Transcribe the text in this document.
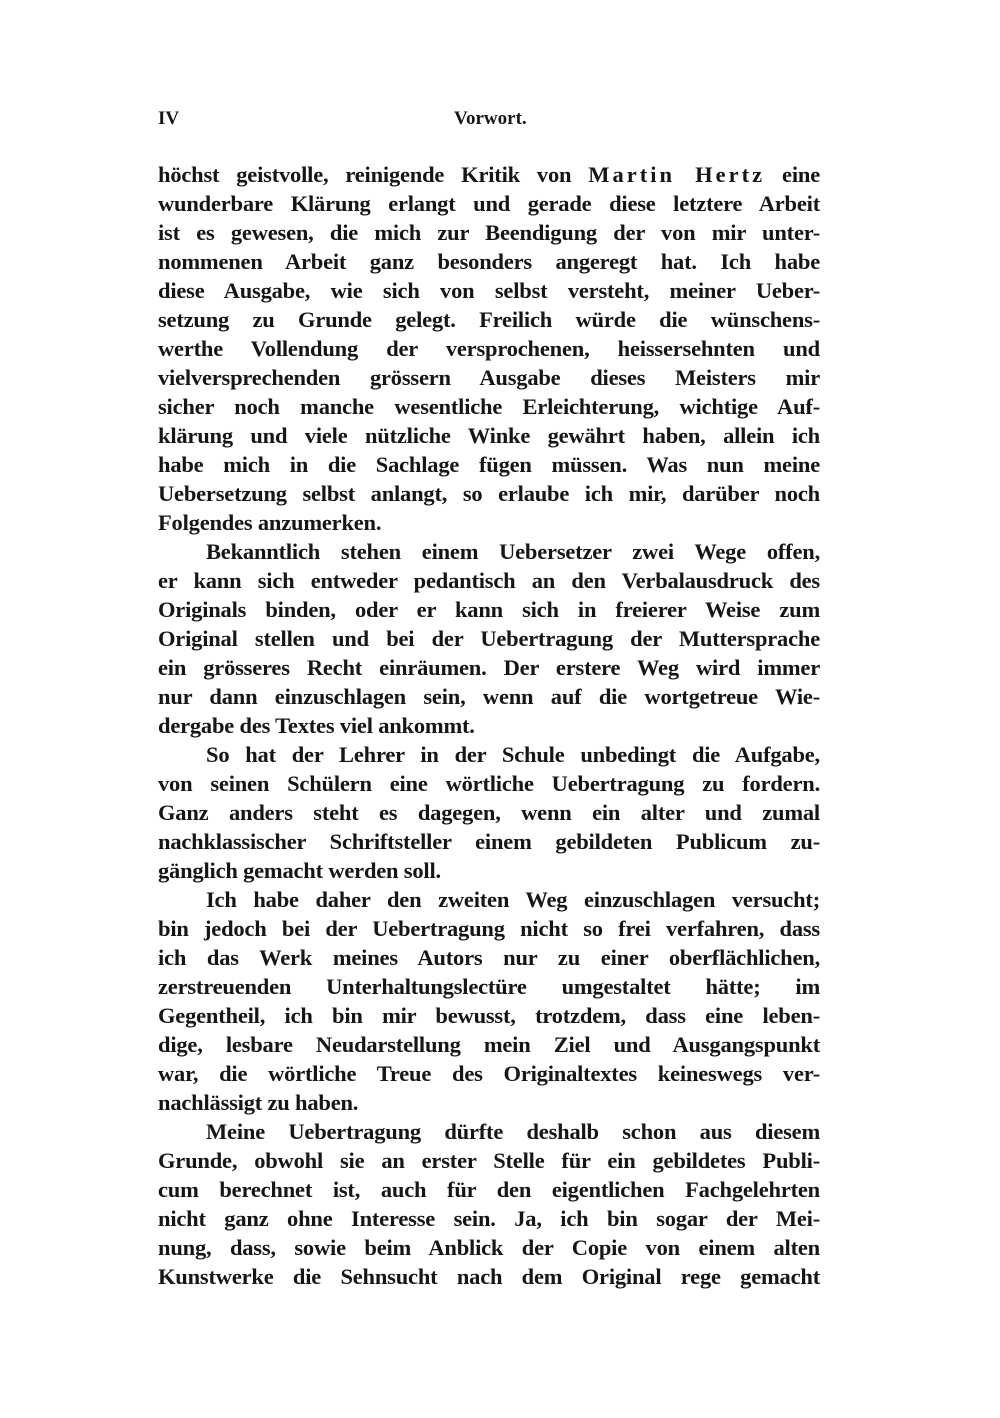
IV	Vorwort.
höchst geistvolle, reinigende Kritik von Martin Hertz eine
wunderbare Klärung erlangt und gerade diese letztere Arbeit
ist es gewesen, die mich zur Beendigung der von mir unter-
nommenen Arbeit ganz besonders angeregt hat. Ich habe
diese Ausgabe, wie sich von selbst versteht, meiner Ueber-
setzung zu Grunde gelegt. Freilich würde die wünschens-
werthe Vollendung der versprochenen, heissersehnten und
vielversprechenden grössern Ausgabe dieses Meisters mir
sicher noch manche wesentliche Erleichterung, wichtige Auf-
klärung und viele nützliche Winke gewährt haben, allein ich
habe mich in die Sachlage fügen müssen. Was nun meine
Uebersetzung selbst anlangt, so erlaube ich mir, darüber noch
Folgendes anzumerken.
Bekanntlich stehen einem Uebersetzer zwei Wege offen,
er kann sich entweder pedantisch an den Verbalausdruck des
Originals binden, oder er kann sich in freierer Weise zum
Original stellen und bei der Uebertragung der Muttersprache
ein grösseres Recht einräumen. Der erstere Weg wird immer
nur dann einzuschlagen sein, wenn auf die wortgetreue Wie-
dergabe des Textes viel ankommt.
So hat der Lehrer in der Schule unbedingt die Aufgabe,
von seinen Schülern eine wörtliche Uebertragung zu fordern.
Ganz anders steht es dagegen, wenn ein alter und zumal
nachklassischer Schriftsteller einem gebildeten Publicum zu-
gänglich gemacht werden soll.
Ich habe daher den zweiten Weg einzuschlagen versucht;
bin jedoch bei der Uebertragung nicht so frei verfahren, dass
ich das Werk meines Autors nur zu einer oberflächlichen,
zerstreuenden Unterhaltungslectüre umgestaltet hätte; im
Gegentheil, ich bin mir bewusst, trotzdem, dass eine leben-
dige, lesbare Neudarstellung mein Ziel und Ausgangspunkt
war, die wörtliche Treue des Originaltextes keineswegs ver-
nachlässigt zu haben.
Meine Uebertragung dürfte deshalb schon aus diesem
Grunde, obwohl sie an erster Stelle für ein gebildetes Publi-
cum berechnet ist, auch für den eigentlichen Fachgelehrten
nicht ganz ohne Interesse sein. Ja, ich bin sogar der Mei-
nung, dass, sowie beim Anblick der Copie von einem alten
Kunstwerke die Sehnsucht nach dem Original rege gemacht
